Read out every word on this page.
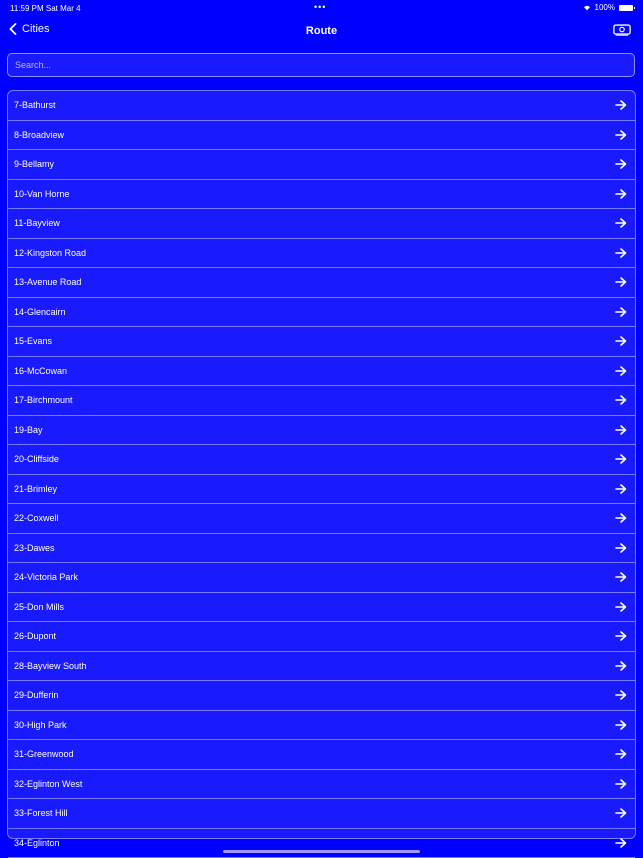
11:59 PM Sat Mar 4	•••	100%
Cities	Route
Search...
7-Bathurst
8-Broadview
9-Bellamy
10-Van Horne
11-Bayview
12-Kingston Road
13-Avenue Road
14-Glencairn
15-Evans
16-McCowan
17-Birchmount
19-Bay
20-Cliffside
21-Brimley
22-Coxwell
23-Dawes
24-Victoria Park
25-Don Mills
26-Dupont
28-Bayview South
29-Dufferin
30-High Park
31-Greenwood
32-Eglinton West
33-Forest Hill
34-Eglinton
